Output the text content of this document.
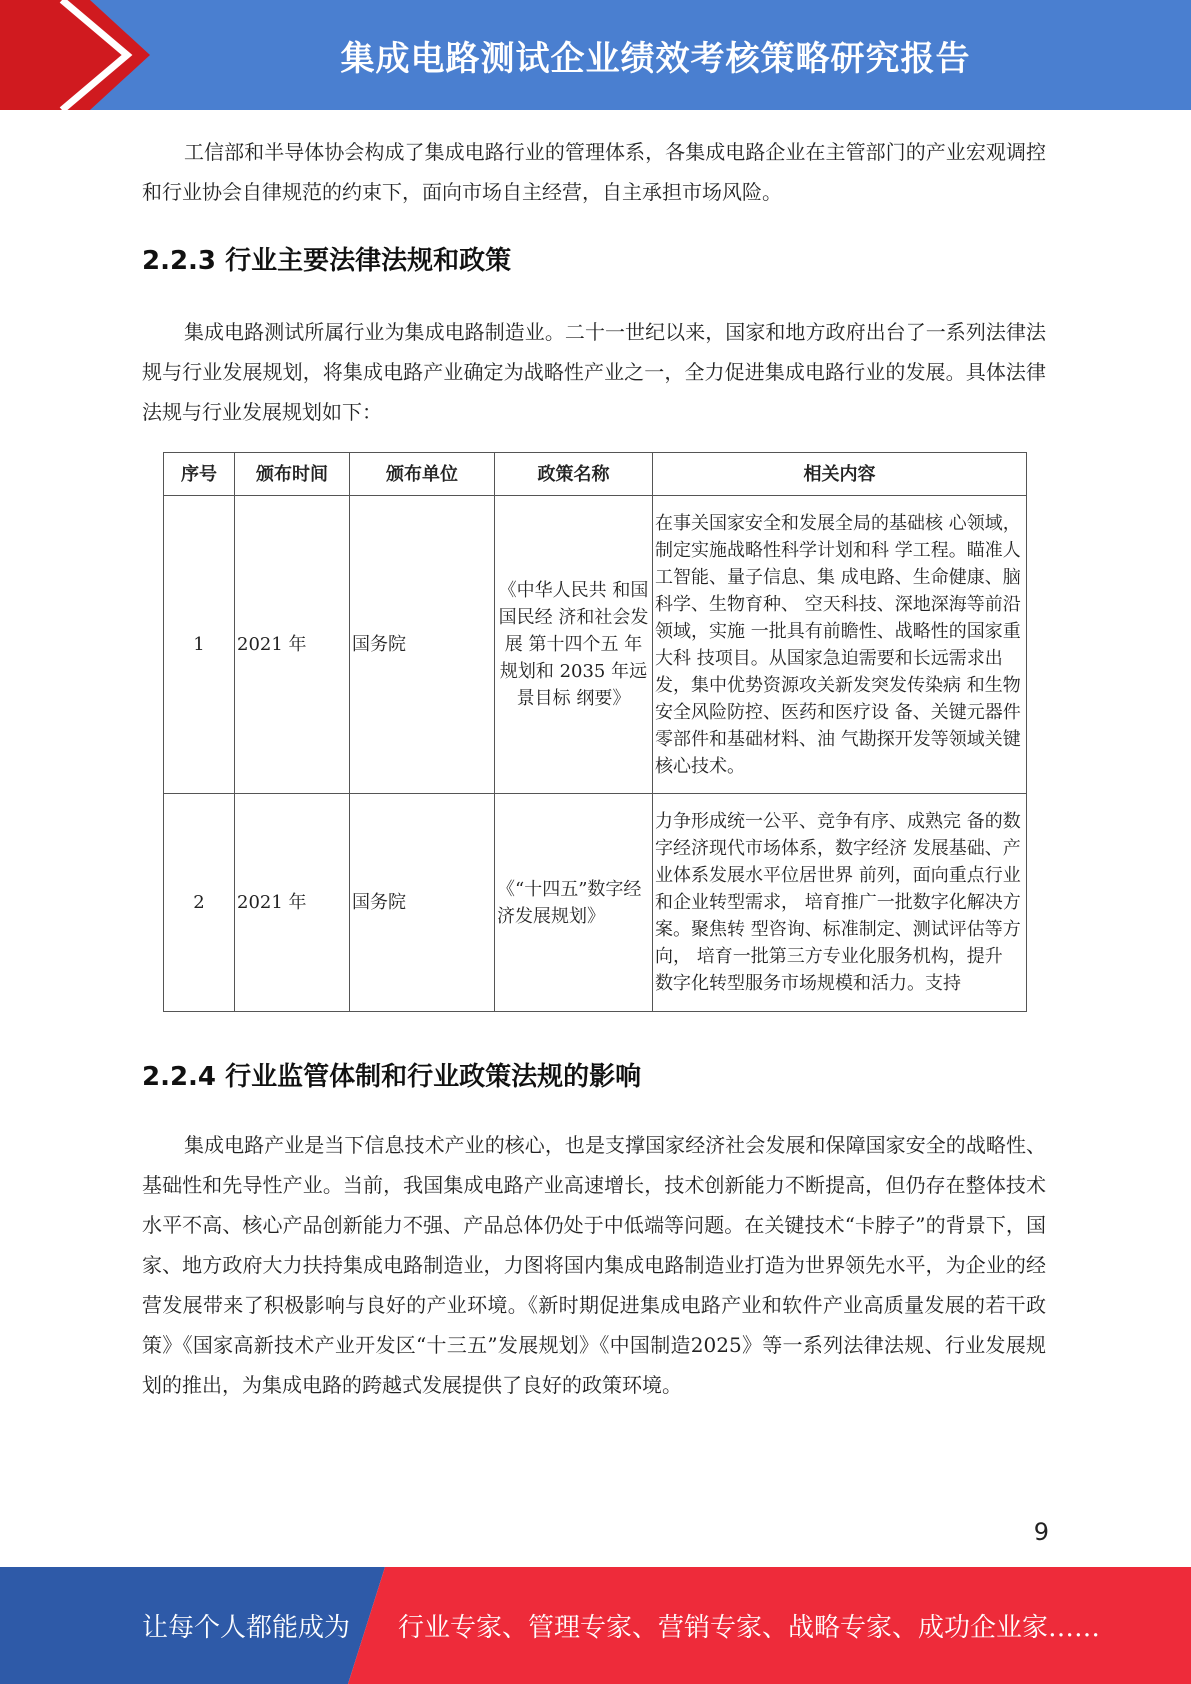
集成电路测试企业绩效考核策略研究报告

工信部和半导体协会构成了集成电路行业的管理体系，各集成电路企业在主管部门的产业宏观调控和行业协会自律规范的约束下，面向市场自主经营，自主承担市场风险。

2.2.3 行业主要法律法规和政策

集成电路测试所属行业为集成电路制造业。二十一世纪以来，国家和地方政府出台了一系列法律法规与行业发展规划，将集成电路产业确定为战略性产业之一，全力促进集成电路行业的发展。具体法律法规与行业发展规划如下：

序号	颁布时间	颁布单位	政策名称	相关内容
1	2021 年	国务院	《中华人民共 和国国民经 济和社会发展 第十四个五 年规划和 2035 年远景目标 纲要》	在事关国家安全和发展全局的基础核 心领域，制定实施战略性科学计划和科 学工程。瞄准人工智能、量子信息、集 成电路、生命健康、脑科学、生物育种、 空天科技、深地深海等前沿领域，实施 一批具有前瞻性、战略性的国家重大科 技项目。从国家急迫需要和长远需求出 发，集中优势资源攻关新发突发传染病 和生物安全风险防控、医药和医疗设 备、关键元器件零部件和基础材料、油 气勘探开发等领域关键核心技术。
2	2021 年	国务院	《“十四五”数字经济发展规划》	力争形成统一公平、竞争有序、成熟完 备的数字经济现代市场体系，数字经济 发展基础、产业体系发展水平位居世界 前列，面向重点行业和企业转型需求， 培育推广一批数字化解决方案。聚焦转 型咨询、标准制定、测试评估等方向， 培育一批第三方专业化服务机构，提升 数字化转型服务市场规模和活力。支持
2.2.4 行业监管体制和行业政策法规的影响

集成电路产业是当下信息技术产业的核心，也是支撑国家经济社会发展和保障国家安全的战略性、基础性和先导性产业。当前，我国集成电路产业高速增长，技术创新能力不断提高，但仍存在整体技术水平不高、核心产品创新能力不强、产品总体仍处于中低端等问题。在关键技术“卡脖子”的背景下，国家、地方政府大力扶持集成电路制造业，力图将国内集成电路制造业打造为世界领先水平，为企业的经营发展带来了积极影响与良好的产业环境。《新时期促进集成电路产业和软件产业高质量发展的若干政策》《国家高新技术产业开发区“十三五”发展规划》《中国制造2025》等一系列法律法规、行业发展规划的推出，为集成电路的跨越式发展提供了良好的政策环境。

9
让每个人都能成为 行业专家、管理专家、营销专家、战略专家、成功企业家……
